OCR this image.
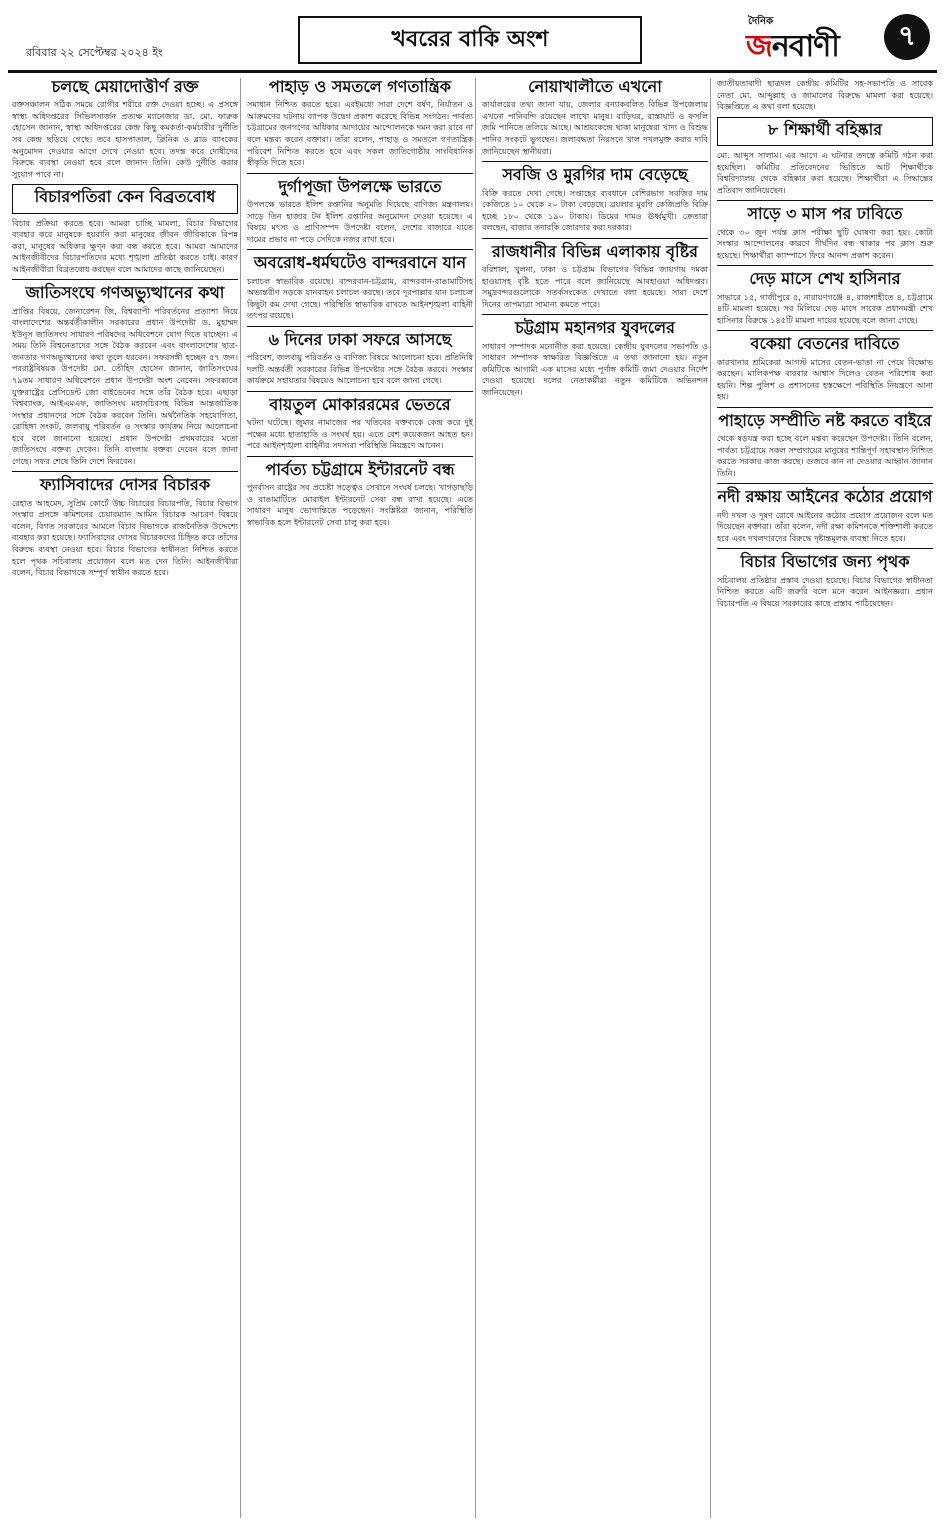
রবিবার ২২ সেপ্টেম্বর ২০২৪ ইং
খবরের বাকি অংশ
দৈনিক
জনবাণী	৭
চলছে মেয়াদোত্তীর্ণ রক্ত

রক্তসঞ্চালন সঠিক সময়ে রোগীর শরীরে রক্ত দেওয়া হচ্ছে। এ প্রসঙ্গে স্বাস্থ্য অধিদপ্তরের সিভিলসার্জন প্রত্যক্ষ ম্যানেজার ডা. মো. ফারুক হোসেন জানান, স্বাস্থ্য অধিদপ্তরের কেন্দ্র কিছু কমকর্তা-কর্মচারীর দুর্নীতি সব কেন্দ্র ছড়িয়ে গেছে। তবে হাসপাতাল, ক্লিনিক ও ব্লাড ব্যাংকের অনুমোদন দেওয়ার আগে দেখে নেওয়া হবে। তদন্ত করে দোষীদের বিরুদ্ধে ব্যবস্থা নেওয়া হবে বলে জানান তিনি। কেউ দুর্নীতি করার সুযোগ পাবে না।

বিচারপতিরা কেন বিব্রতবোধ

বিচার প্রক্রিয়া করতে হবে। আমরা চাচ্ছি মামলা, বিচার বিভাগের ব্যবহার করে মানুষকে হয়রানি করা মানুষের জীবন জীবিকাকে বিপন্ন করা, মানুষের অধিকার ক্ষুণ্ন করা বন্ধ করতে হবে। আমরা আমাদের আইনজীবীদের বিচারপতিদের মধ্যে শৃঙ্খলা প্রতিষ্ঠা করতে চাই। কারণ আইনজীবীরা বিব্রতবোধ করছেন বলে আমাদের কাছে জানিয়েছেন।

জাতিসংঘে গণঅভ্যুত্থানের কথা

প্রাপ্তির বিষয়ে, জেনারেশন জি, বিশ্বব্যাপী পরিবর্তনের প্রত্যাশা নিয়ে বাংলাদেশের অন্তর্বর্তীকালীন সরকারের প্রধান উপদেষ্টা ড. মুহাম্মদ ইউনূস জাতিসংঘ সাধারণ পরিষদের অধিবেশনে যোগ দিতে যাচ্ছেন। এ সময় তিনি বিশ্বনেতাদের সঙ্গে বৈঠক করবেন এবং বাংলাদেশের ছাত্র-জনতার গণঅভ্যুত্থানের কথা তুলে ধরবেন। সফরসঙ্গী হচ্ছেন ৫৭ জন। পররাষ্ট্রবিষয়ক উপদেষ্টা মো. তৌহিদ হোসেন জানান, জাতিসংঘের ৭৯তম সাধারণ অধিবেশনে প্রধান উপদেষ্টা অংশ নেবেন। সফরকালে যুক্তরাষ্ট্রের প্রেসিডেন্ট জো বাইডেনের সঙ্গে তাঁর বৈঠক হবে। এছাড়া বিশ্বব্যাংক, আইএমএফ, জাতিসংঘ মহাসচিবসহ বিভিন্ন আন্তর্জাতিক সংস্থার প্রধানদের সঙ্গে বৈঠক করবেন তিনি। অর্থনৈতিক সহযোগিতা, রোহিঙ্গা সংকট, জলবায়ু পরিবর্তন ও সংস্কার কার্যক্রম নিয়ে আলোচনা হবে বলে জানানো হয়েছে। প্রধান উপদেষ্টা প্রথমবারের মতো জাতিসংঘে বক্তব্য দেবেন। তিনি বাংলায় বক্তব্য দেবেন বলে জানা গেছে। সফর শেষে তিনি দেশে ফিরবেন।

ফ্যাসিবাদের দোসর বিচারক

রেহাত আহমেদ, সুপ্রিম কোর্টে উচ্চ বিচারের বিচারপতি, বিচার বিভাগ সংস্কার প্রসঙ্গে কমিশনের চেয়ারম্যান আমিন বিচারক আচরণ বিষয়ে বলেন, বিগত সরকারের আমলে বিচার বিভাগকে রাজনৈতিক উদ্দেশ্যে ব্যবহার করা হয়েছে। ফ্যাসিবাদের দোসর বিচারকদের চিহ্নিত করে তাঁদের বিরুদ্ধে ব্যবস্থা নেওয়া হবে। বিচার বিভাগের স্বাধীনতা নিশ্চিত করতে হলে পৃথক সচিবালয় প্রয়োজন বলে মত দেন তিনি। আইনজীবীরা বলেন, বিচার বিভাগকে সম্পূর্ণ স্বাধীন করতে হবে।

পাহাড় ও সমতলে গণতান্ত্রিক

সমাধান নিশ্চিত করতে হবে। এরইমধ্যে সারা দেশে বর্ষণ, নির্যাতন ও আক্রমণের ঘটনায় ব্যাপক উদ্বেগ প্রকাশ করেছে বিভিন্ন সংগঠন। পার্বত্য চট্টগ্রামের জনগণের অধিকার আদায়ের আন্দোলনকে দমন করা যাবে না বলে মন্তব্য করেন বক্তারা। তাঁরা বলেন, পাহাড় ও সমতলে গণতান্ত্রিক পরিবেশ নিশ্চিত করতে হবে এবং সকল জাতিগোষ্ঠীর সাংবিধানিক স্বীকৃতি দিতে হবে।

দুর্গাপূজা উপলক্ষে ভারতে

উপলক্ষে ভারতে ইলিশ রপ্তানির অনুমতি দিয়েছে বাণিজ্য মন্ত্রণালয়। সাড়ে তিন হাজার টন ইলিশ রপ্তানির অনুমোদন দেওয়া হয়েছে। এ বিষয়ে মৎস্য ও প্রাণিসম্পদ উপদেষ্টা বলেন, দেশের বাজারে যাতে দামের প্রভাব না পড়ে সেদিকে নজর রাখা হবে।

অবরোধ-ধর্মঘটেও বান্দরবানে যান

চলাচল স্বাভাবিক রয়েছে। বান্দরবান-চট্টগ্রাম, বান্দরবান-রাঙামাটিসহ অভ্যন্তরীণ সড়কে যানবাহন চলাচল করছে। তবে দূরপাল্লার যান চলাচল কিছুটা কম দেখা গেছে। পরিস্থিতি স্বাভাবিক রাখতে আইনশৃঙ্খলা বাহিনী তৎপর রয়েছে।

৬ দিনের ঢাকা সফরে আসছে

পরিবেশ, জলবায়ু পরিবর্তন ও বাণিজ্য বিষয়ে আলোচনা হবে। প্রতিনিধি দলটি অন্তর্বর্তী সরকারের বিভিন্ন উপদেষ্টার সঙ্গে বৈঠক করবে। সংস্কার কার্যক্রমে সহায়তার বিষয়েও আলোচনা হবে বলে জানা গেছে।

বায়তুল মোকাররমের ভেতরে

ঘটনা ঘটেছে। জুমার নামাজের পর খতিবের বক্তব্যকে কেন্দ্র করে দুই পক্ষের মধ্যে হাতাহাতি ও সংঘর্ষ হয়। এতে বেশ কয়েকজন আহত হন। পরে আইনশৃঙ্খলা বাহিনীর সদস্যরা পরিস্থিতি নিয়ন্ত্রণে আনেন।

পার্বত্য চট্টগ্রামে ইন্টারনেট বন্ধ

পুনর্বাসন রাষ্ট্রের সব প্রচেষ্টা সত্ত্বেও সেখানে সংঘর্ষ চলছে। খাগড়াছড়ি ও রাঙামাটিতে মোবাইল ইন্টারনেট সেবা বন্ধ রাখা হয়েছে। এতে সাধারণ মানুষ ভোগান্তিতে পড়েছেন। সংশ্লিষ্টরা জানান, পরিস্থিতি স্বাভাবিক হলে ইন্টারনেট সেবা চালু করা হবে।

নোয়াখালীতে এখনো

কার্যালয়ের তথ্য জানা যায়, জেলার বন্যাকবলিত বিভিন্ন উপজেলায় এখনো পানিবন্দি রয়েছেন লাখো মানুষ। বাড়িঘর, রাস্তাঘাট ও ফসলি জমি পানিতে তলিয়ে আছে। আশ্রয়কেন্দ্রে থাকা মানুষেরা খাদ্য ও বিশুদ্ধ পানির সংকটে ভুগছেন। জলাবদ্ধতা নিরসনে খাল দখলমুক্ত করার দাবি জানিয়েছেন স্থানীয়রা।

সবজি ও মুরগির দাম বেড়েছে

বিক্রি করতে দেখা গেছে। সপ্তাহের ব্যবধানে বেশিরভাগ সবজির দাম কেজিতে ১০ থেকে ২০ টাকা বেড়েছে। ব্রয়লার মুরগি কেজিপ্রতি বিক্রি হচ্ছে ১৮০ থেকে ১৯০ টাকায়। ডিমের দামও ঊর্ধ্বমুখী। ক্রেতারা বলছেন, বাজার তদারকি জোরদার করা দরকার।

রাজধানীর বিভিন্ন এলাকায় বৃষ্টির

বরিশাল, খুলনা, ঢাকা ও চট্টগ্রাম বিভাগের বিভিন্ন জায়গায় দমকা হাওয়াসহ বৃষ্টি হতে পারে বলে জানিয়েছে আবহাওয়া অধিদপ্তর। সমুদ্রবন্দরগুলোকে সতর্কসংকেত দেখাতে বলা হয়েছে। সারা দেশে দিনের তাপমাত্রা সামান্য কমতে পারে।

চট্টগ্রাম মহানগর যুবদলের

সাধারণ সম্পাদক মনোনীত করা হয়েছে। কেন্দ্রীয় যুবদলের সভাপতি ও সাধারণ সম্পাদক স্বাক্ষরিত বিজ্ঞপ্তিতে এ তথ্য জানানো হয়। নতুন কমিটিকে আগামী এক মাসের মধ্যে পূর্ণাঙ্গ কমিটি জমা দেওয়ার নির্দেশ দেওয়া হয়েছে। দলের নেতাকর্মীরা নতুন কমিটিকে অভিনন্দন জানিয়েছেন।

জাতীয়তাবাদী ছাত্রদল কেন্দ্রীয় কমিটির সহ-সভাপতি ও সাবেক নেতা মো. আব্দুল্লাহ ও জামালের বিরুদ্ধে মামলা করা হয়েছে। বিজ্ঞপ্তিতে এ কথা বলা হয়েছে।

৮ শিক্ষার্থী বহিষ্কার

মো. আব্দুস সালাম। এর আগে এ ঘটনার তদন্তে কমিটি গঠন করা হয়েছিল। কমিটির প্রতিবেদনের ভিত্তিতে আট শিক্ষার্থীকে বিশ্ববিদ্যালয় থেকে বহিষ্কার করা হয়েছে। শিক্ষার্থীরা এ সিদ্ধান্তের প্রতিবাদ জানিয়েছেন।

সাড়ে ৩ মাস পর ঢাবিতে

থেকে ৩০ জুন পর্যন্ত ক্লাস পরীক্ষা ছুটি ঘোষণা করা হয়। কোটা সংস্কার আন্দোলনের কারণে দীর্ঘদিন বন্ধ থাকার পর ক্লাস শুরু হয়েছে। শিক্ষার্থীরা ক্যাম্পাসে ফিরে আনন্দ প্রকাশ করেন।

দেড় মাসে শেখ হাসিনার

সাভারে ১৫, গাজীপুরে ৫, নারায়ণগঞ্জে ৪, রাজশাহীতে ৪, চট্টগ্রামে ৪টি মামলা হয়েছে। সব মিলিয়ে দেড় মাসে সাবেক প্রধানমন্ত্রী শেখ হাসিনার বিরুদ্ধে ১৪৫টি মামলা দায়ের হয়েছে বলে জানা গেছে।

বকেয়া বেতনের দাবিতে

কারখানার শ্রমিকেরা আগস্ট মাসের বেতন-ভাতা না পেয়ে বিক্ষোভ করছেন। মালিকপক্ষ বারবার আশ্বাস দিলেও বেতন পরিশোধ করা হয়নি। শিল্প পুলিশ ও প্রশাসনের হস্তক্ষেপে পরিস্থিতি নিয়ন্ত্রণে আনা হয়।

পাহাড়ে সম্প্রীতি নষ্ট করতে বাইরে

থেকে ষড়যন্ত্র করা হচ্ছে বলে মন্তব্য করেছেন উপদেষ্টা। তিনি বলেন, পার্বত্য চট্টগ্রামে সকল সম্প্রদায়ের মানুষের শান্তিপূর্ণ সহাবস্থান নিশ্চিত করতে সরকার কাজ করছে। গুজবে কান না দেওয়ার আহ্বান জানান তিনি।

নদী রক্ষায় আইনের কঠোর প্রয়োগ

নদী দখল ও দূষণ রোধে আইনের কঠোর প্রয়োগ প্রয়োজন বলে মত দিয়েছেন বক্তারা। তাঁরা বলেন, নদী রক্ষা কমিশনকে শক্তিশালী করতে হবে এবং দখলদারদের বিরুদ্ধে দৃষ্টান্তমূলক ব্যবস্থা নিতে হবে।

বিচার বিভাগের জন্য পৃথক

সচিবালয় প্রতিষ্ঠার প্রস্তাব দেওয়া হয়েছে। বিচার বিভাগের স্বাধীনতা নিশ্চিত করতে এটি জরুরি বলে মনে করেন আইনজ্ঞরা। প্রধান বিচারপতি এ বিষয়ে সরকারের কাছে প্রস্তাব পাঠিয়েছেন।
